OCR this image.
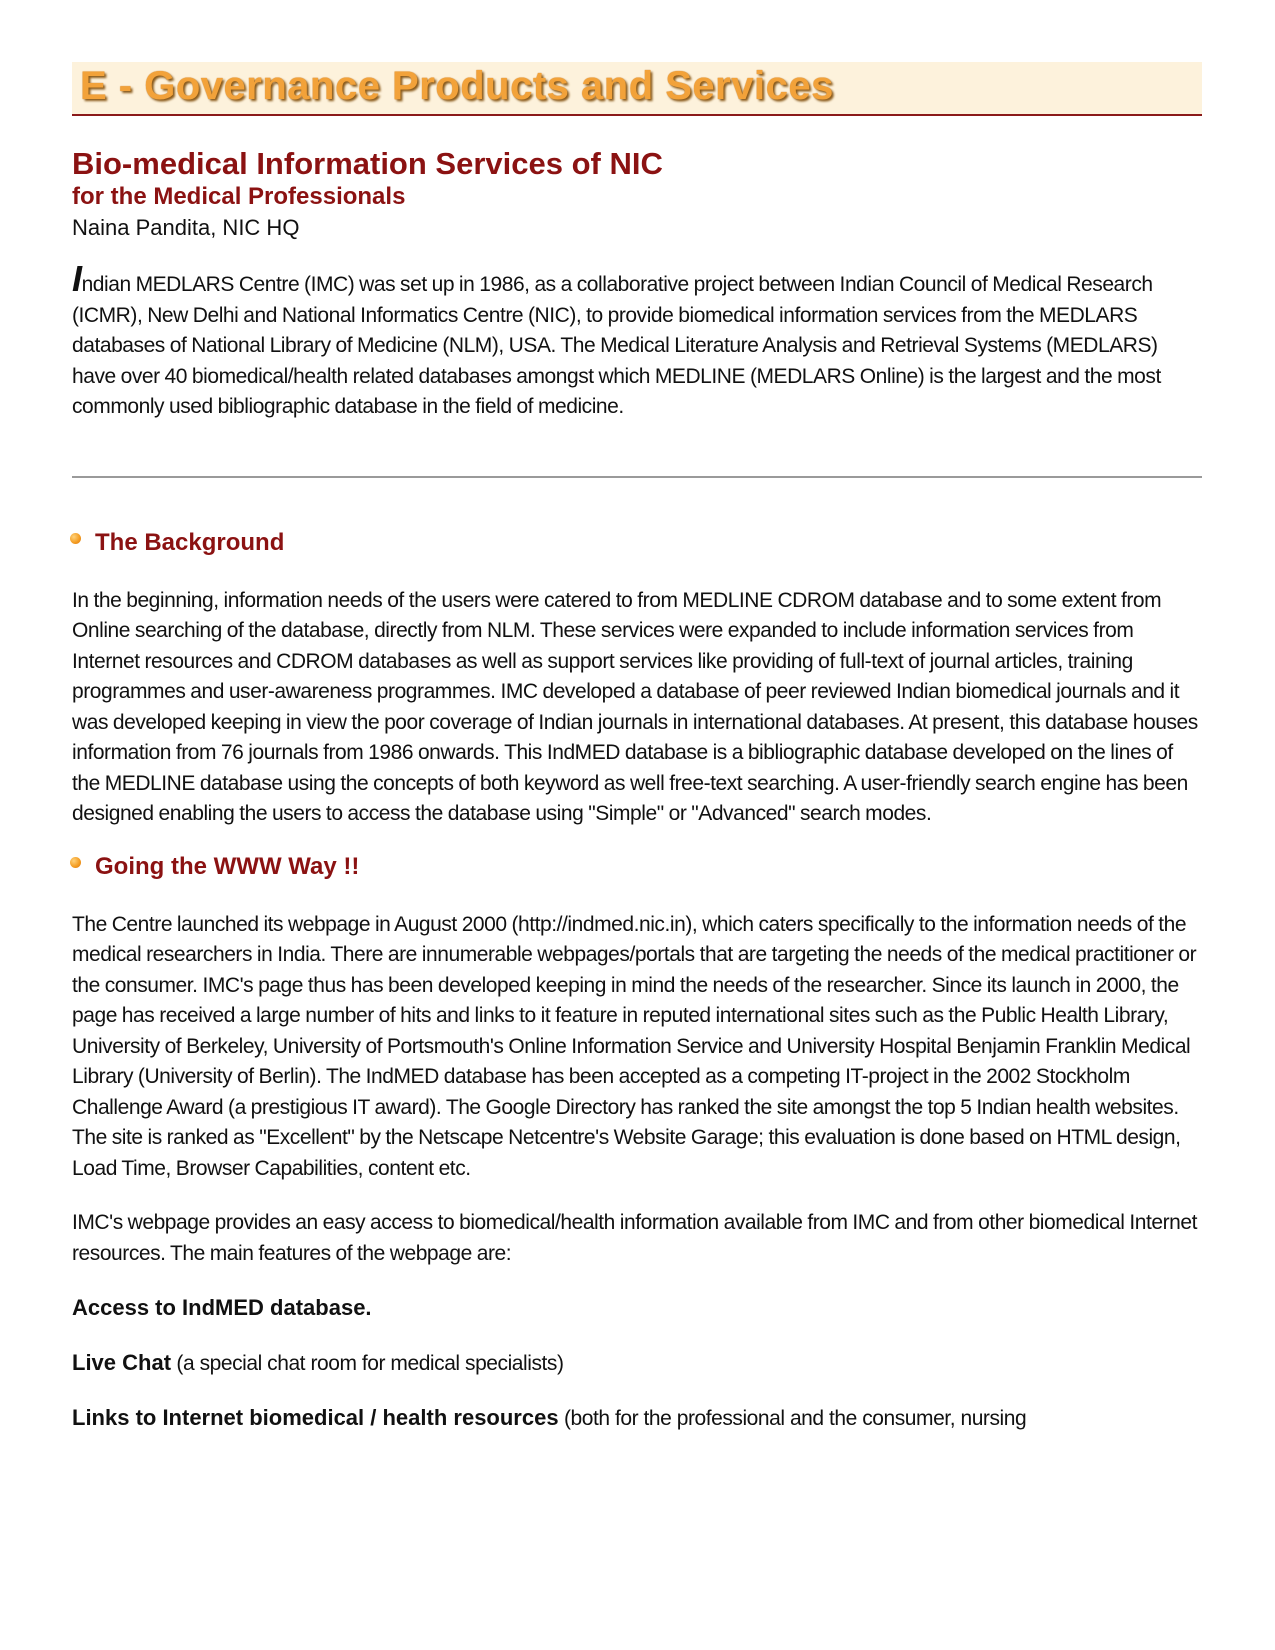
E - Governance Products and Services
Bio-medical Information Services of NIC
for the Medical Professionals
Naina Pandita, NIC HQ

Indian MEDLARS Centre (IMC) was set up in 1986, as a collaborative project between Indian Council of Medical Research (ICMR), New Delhi and National Informatics Centre (NIC), to provide biomedical information services from the MEDLARS databases of National Library of Medicine (NLM), USA. The Medical Literature Analysis and Retrieval Systems (MEDLARS) have over 40 biomedical/health related databases amongst which MEDLINE (MEDLARS Online) is the largest and the most commonly used bibliographic database in the field of medicine.

The Background

In the beginning, information needs of the users were catered to from MEDLINE CDROM database and to some extent from Online searching of the database, directly from NLM. These services were expanded to include information services from Internet resources and CDROM databases as well as support services like providing of full-text of journal articles, training programmes and user-awareness programmes. IMC developed a database of peer reviewed Indian biomedical journals and it was developed keeping in view the poor coverage of Indian journals in international databases. At present, this database houses information from 76 journals from 1986 onwards. This IndMED database is a bibliographic database developed on the lines of the MEDLINE database using the concepts of both keyword as well free-text searching. A user-friendly search engine has been designed enabling the users to access the database using "Simple" or "Advanced" search modes.

Going the WWW Way !!

The Centre launched its webpage in August 2000 (http://indmed.nic.in), which caters specifically to the information needs of the medical researchers in India. There are innumerable webpages/portals that are targeting the needs of the medical practitioner or the consumer. IMC's page thus has been developed keeping in mind the needs of the researcher. Since its launch in 2000, the page has received a large number of hits and links to it feature in reputed international sites such as the Public Health Library, University of Berkeley, University of Portsmouth's Online Information Service and University Hospital Benjamin Franklin Medical Library (University of Berlin). The IndMED database has been accepted as a competing IT-project in the 2002 Stockholm Challenge Award (a prestigious IT award). The Google Directory has ranked the site amongst the top 5 Indian health websites. The site is ranked as "Excellent" by the Netscape Netcentre's Website Garage; this evaluation is done based on HTML design, Load Time, Browser Capabilities, content etc.

IMC's webpage provides an easy access to biomedical/health information available from IMC and from other biomedical Internet resources. The main features of the webpage are:

Access to IndMED database.

Live Chat (a special chat room for medical specialists)

Links to Internet biomedical / health resources (both for the professional and the consumer, nursing
